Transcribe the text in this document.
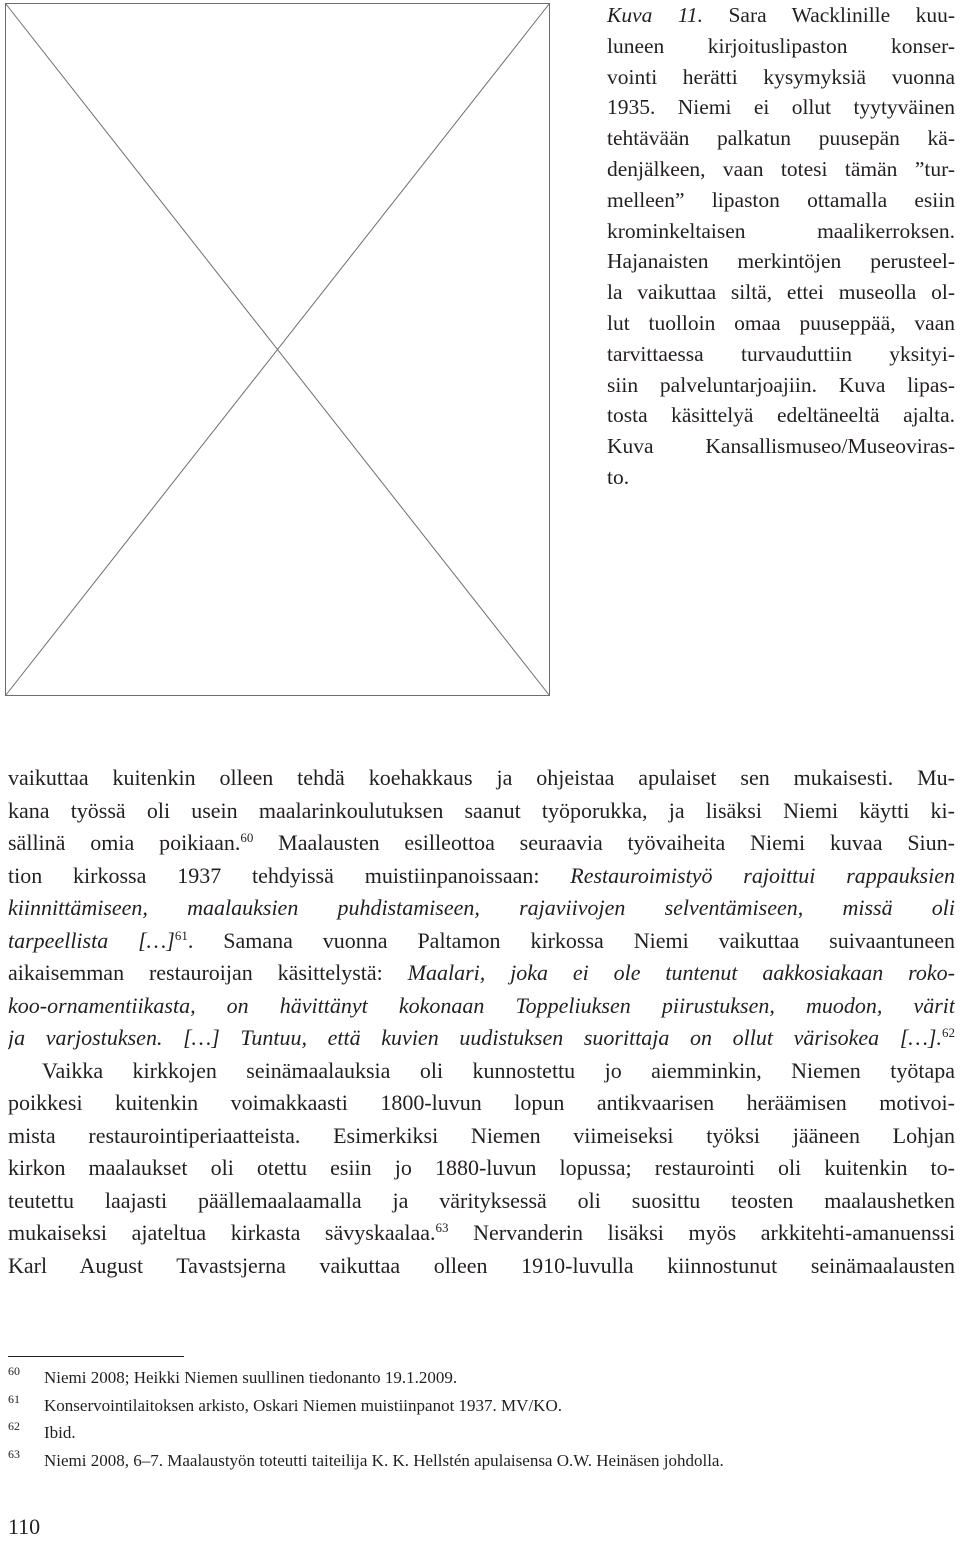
Kuva 11. Sara Wacklinille kuu-
luneen kirjoituslipaston konser-
vointi herätti kysymyksiä vuonna
1935. Niemi ei ollut tyytyväinen
tehtävään palkatun puusepän kä-
denjälkeen, vaan totesi tämän ”tur-
melleen” lipaston ottamalla esiin
krominkeltaisen maalikerroksen.
Hajanaisten merkintöjen perusteel-
la vaikuttaa siltä, ettei museolla ol-
lut tuolloin omaa puuseppää, vaan
tarvittaessa turvauduttiin yksityi-
siin palveluntarjoajiin. Kuva lipas-
tosta käsittelyä edeltäneeltä ajalta.
Kuva Kansallismuseo/Museoviras-
to.
vaikuttaa kuitenkin olleen tehdä koehakkaus ja ohjeistaa apulaiset sen mukaisesti. Mu-
kana työssä oli usein maalarinkoulutuksen saanut työporukka, ja lisäksi Niemi käytti ki-
sällinä omia poikiaan.$^{60}$ Maalausten esilleottoa seuraavia työvaiheita Niemi kuvaa Siun-
tion kirkossa 1937 tehdyissä muistiinpanoissaan: Restauroimistyö rajoittui rappauksien
kiinnittämiseen, maalauksien puhdistamiseen, rajaviivojen selventämiseen, missä oli
tarpeellista […]$^{61}$. Samana vuonna Paltamon kirkossa Niemi vaikuttaa suivaantuneen
aikaisemman restauroijan käsittelystä: Maalari, joka ei ole tuntenut aakkosiakaan roko-
koo-ornamentiikasta, on hävittänyt kokonaan Toppeliuksen piirustuksen, muodon, värit
ja varjostuksen. […] Tuntuu, että kuvien uudistuksen suorittaja on ollut värisokea […].$^{62}$
Vaikka kirkkojen seinämaalauksia oli kunnostettu jo aiemminkin, Niemen työtapa
poikkesi kuitenkin voimakkaasti 1800-luvun lopun antikvaarisen heräämisen motivoi-
mista restaurointiperiaatteista. Esimerkiksi Niemen viimeiseksi työksi jääneen Lohjan
kirkon maalaukset oli otettu esiin jo 1880-luvun lopussa; restaurointi oli kuitenkin to-
teutettu laajasti päällemaalaamalla ja värityksessä oli suosittu teosten maalaushetken
mukaiseksi ajateltua kirkasta sävyskaalaa.$^{63}$ Nervanderin lisäksi myös arkkitehti-amanuenssi
Karl August Tavastsjerna vaikuttaa olleen 1910-luvulla kiinnostunut seinämaalausten
60 Niemi 2008; Heikki Niemen suullinen tiedonanto 19.1.2009.
61 Konservointilaitoksen arkisto, Oskari Niemen muistiinpanot 1937. MV/KO.
62 Ibid.
63 Niemi 2008, 6–7. Maalaustyön toteutti taiteilija K. K. Hellstén apulaisensa O.W. Heinäsen johdolla.
110
